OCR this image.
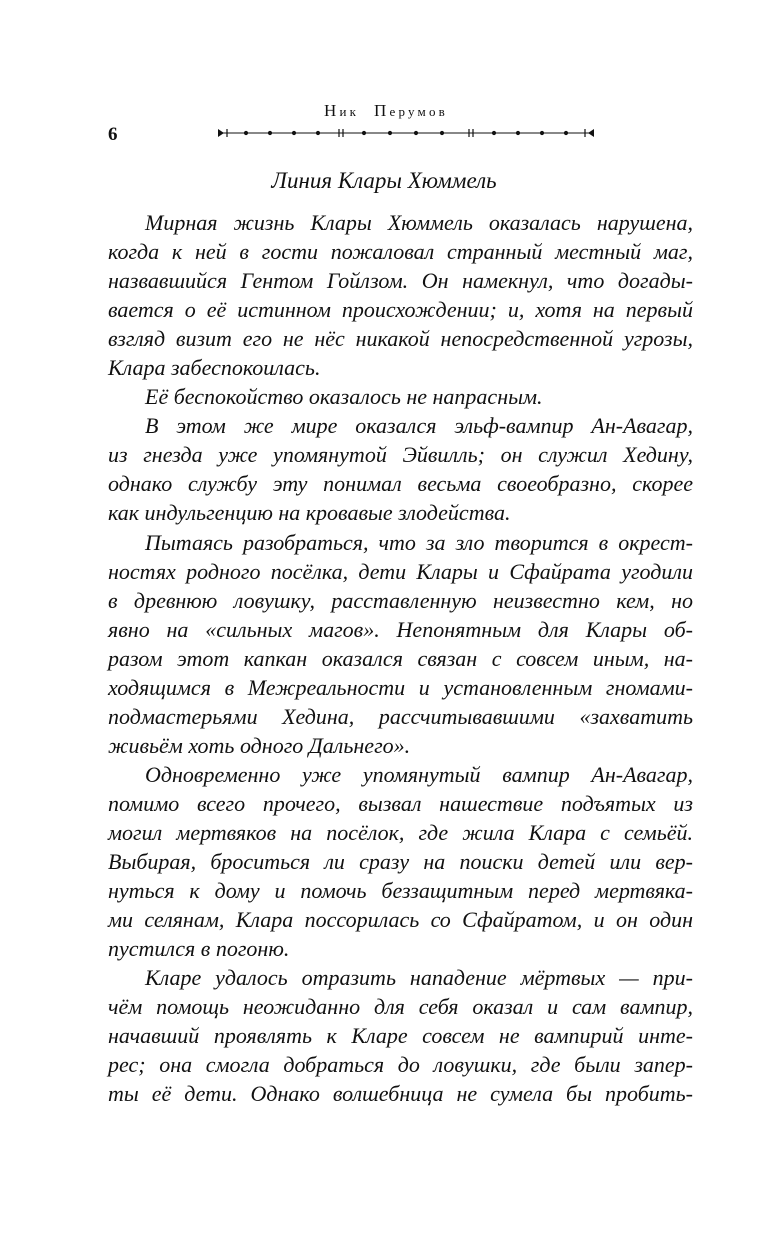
Ник Перумов
6
Линия Клары Хюммель

Мирная жизнь Клары Хюммель оказалась нарушена,
когда к ней в гости пожаловал странный местный маг,
назвавшийся Гентом Гойлзом. Он намекнул, что догады-
вается о её истинном происхождении; и, хотя на первый
взгляд визит его не нёс никакой непосредственной угрозы,
Клара забеспокоилась.

Её беспокойство оказалось не напрасным.

В этом же мире оказался эльф-вампир Ан-Авагар,
из гнезда уже упомянутой Эйвилль; он служил Хедину,
однако службу эту понимал весьма своеобразно, скорее
как индульгенцию на кровавые злодейства.

Пытаясь разобраться, что за зло творится в окрест-
ностях родного посёлка, дети Клары и Сфайрата угодили
в древнюю ловушку, расставленную неизвестно кем, но
явно на «сильных магов». Непонятным для Клары об-
разом этот капкан оказался связан с совсем иным, на-
ходящимся в Межреальности и установленным гномами-
подмастерьями Хедина, рассчитывавшими «захватить
живьём хоть одного Дальнего».

Одновременно уже упомянутый вампир Ан-Авагар,
помимо всего прочего, вызвал нашествие подъятых из
могил мертвяков на посёлок, где жила Клара с семьёй.
Выбирая, броситься ли сразу на поиски детей или вер-
нуться к дому и помочь беззащитным перед мертвяка-
ми селянам, Клара поссорилась со Сфайратом, и он один
пустился в погоню.

Кларе удалось отразить нападение мёртвых — при-
чём помощь неожиданно для себя оказал и сам вампир,
начавший проявлять к Кларе совсем не вампирий инте-
рес; она смогла добраться до ловушки, где были запер-
ты её дети. Однако волшебница не сумела бы пробить-
